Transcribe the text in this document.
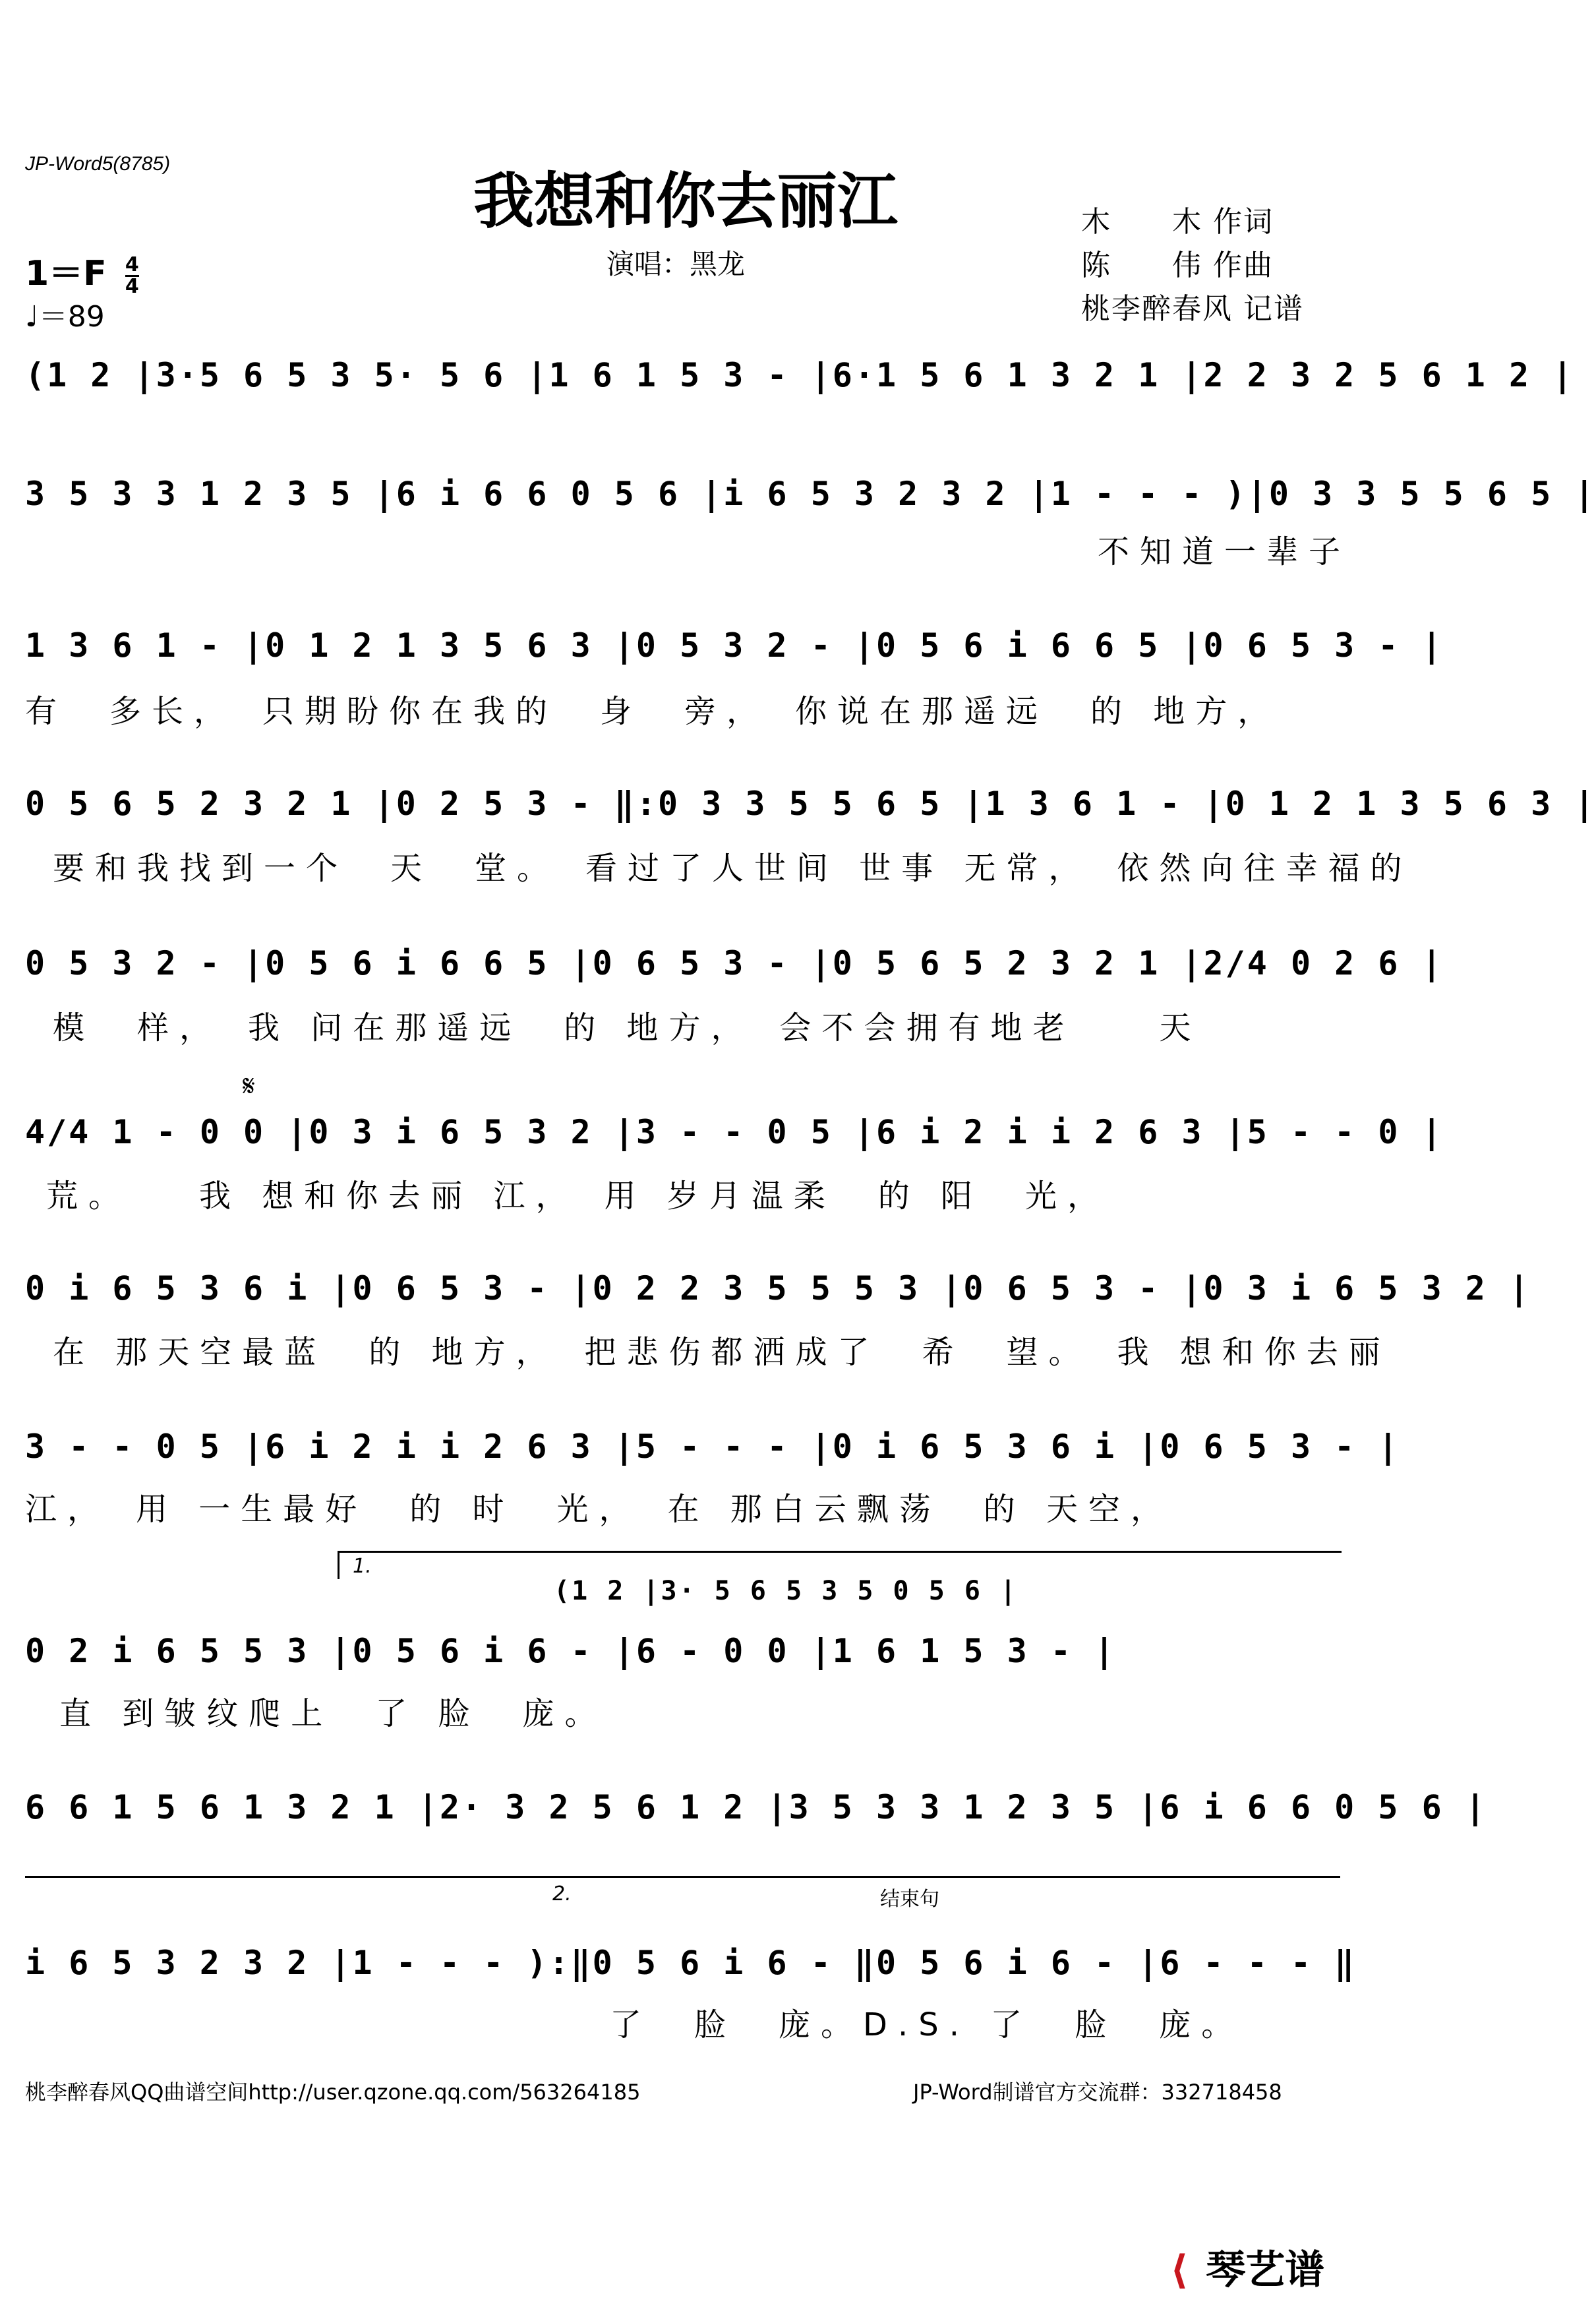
JP-Word5(8785)
我想和你去丽江
演唱：黑龙
木　　木 作词
陈　　伟 作曲
桃李醉春风 记谱
$1=F \frac{4}{4}$
♩＝89
(1 2 |3·5 6 5 3 5· 5 6 |1 6 1 5 3 - |6·1 5 6 1 3 2 1 |2 2 3 2 5 6 1 2 |
3 5 3 3 1 2 3 5 |6 i 6 6 0 5 6 |i 6 5 3 2 3 2 |1 - - - )|0 3 3 5 5 6 5 |
不知道一辈子
1 3 6 1 - |0 1 2 1 3 5 6 3 |0 5 3 2 - |0 5 6 i 6 6 5 |0 6 5 3 - |
有　多长，　只期盼你在我的　身　旁，　你说在那遥远　的 地方，
0 5 6 5 2 3 2 1 |0 2 5 3 - ‖:0 3 3 5 5 6 5 |1 3 6 1 - |0 1 2 1 3 5 6 3 |
要和我找到一个　天　堂。　看过了人世间 世事 无常，　依然向往幸福的
0 5 3 2 - |0 5 6 i 6 6 5 |0 6 5 3 - |0 5 6 5 2 3 2 1 |2/4 0 2 6 |
模　样，　我 问在那遥远　的 地方，　会不会拥有地老　　天
𝄋
4/4 1 - 0 0 |0 3 i 6 5 3 2 |3 - - 0 5 |6 i 2 i i 2 6 3 |5 - - 0 |
荒。　　我 想和你去丽 江，　用 岁月温柔　的 阳　光，
0 i 6 5 3 6 i |0 6 5 3 - |0 2 2 3 5 5 5 3 |0 6 5 3 - |0 3 i 6 5 3 2 |
在 那天空最蓝　的 地方，　把悲伤都洒成了　希　望。　我 想和你去丽
3 - - 0 5 |6 i 2 i i 2 6 3 |5 - - - |0 i 6 5 3 6 i |0 6 5 3 - |
江，　用 一生最好　的 时　光，　在 那白云飘荡　的 天空，
1.
(1 2 |3· 5 6 5 3 5 0 5 6 |
0 2 i 6 5 5 3 |0 5 6 i 6 - |6 - 0 0 |1 6 1 5 3 - |
直 到皱纹爬上　了 脸　庞。
6 6 1 5 6 1 3 2 1 |2· 3 2 5 6 1 2 |3 5 3 3 1 2 3 5 |6 i 6 6 0 5 6 |
2.	结束句
i 6 5 3 2 3 2 |1 - - - ):‖0 5 6 i 6 - ‖0 5 6 i 6 - |6 - - - ‖
了　脸　庞。D.S. 了　脸　庞。
桃李醉春风QQ曲谱空间http://user.qzone.qq.com/563264185	JP-Word制谱官方交流群：332718458
⟨ 琴艺谱
